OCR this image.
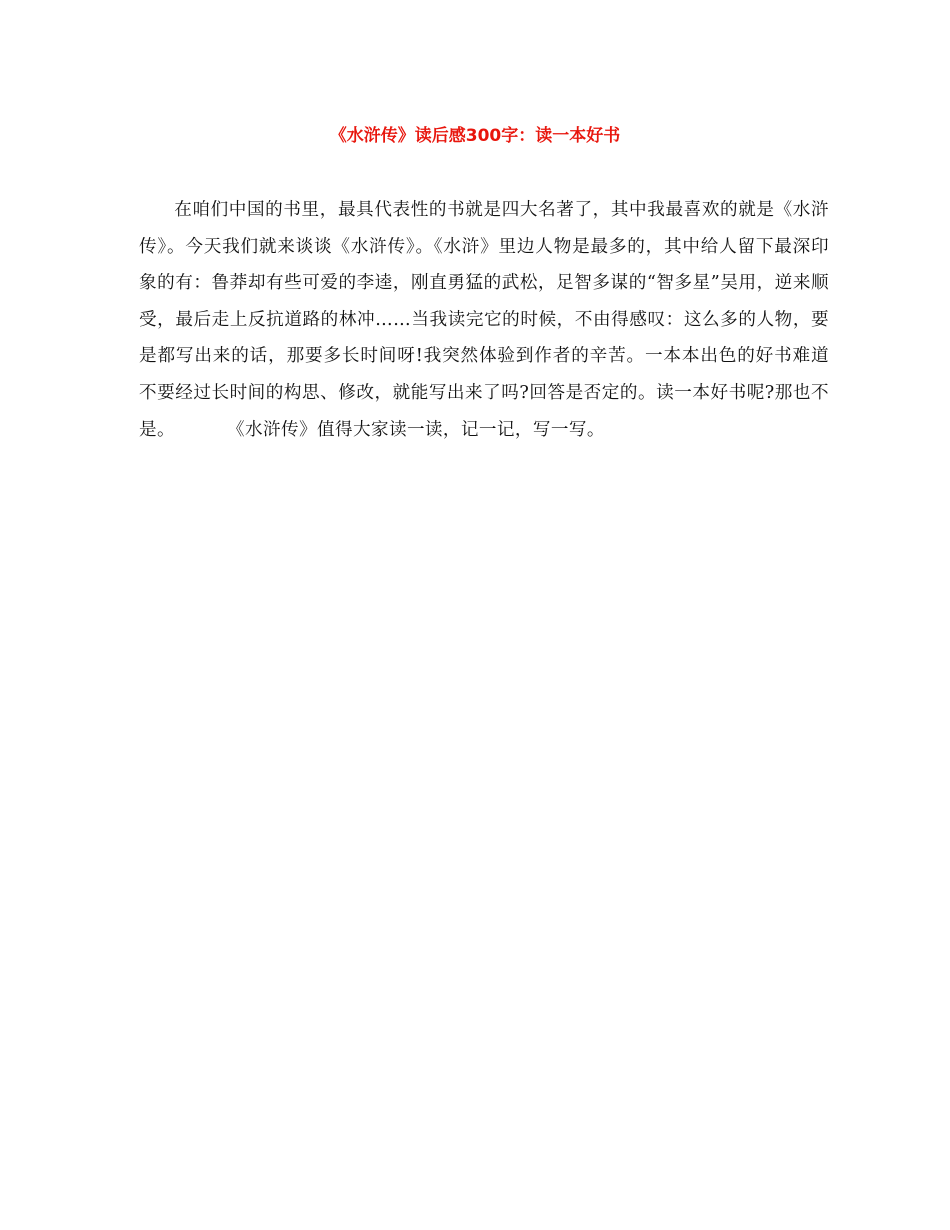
《水浒传》读后感300字：读一本好书

在咱们中国的书里，最具代表性的书就是四大名著了，其中我最喜欢的就是《水浒传》。今天我们就来谈谈《水浒传》。《水浒》里边人物是最多的，其中给人留下最深印象的有：鲁莽却有些可爱的李逵，刚直勇猛的武松，足智多谋的“智多星”吴用，逆来顺受，最后走上反抗道路的林冲……当我读完它的时候，不由得感叹：这么多的人物，要是都写出来的话，那要多长时间呀!我突然体验到作者的辛苦。一本本出色的好书难道不要经过长时间的构思、修改，就能写出来了吗?回答是否定的。读一本好书呢?那也不是。	《水浒传》值得大家读一读，记一记，写一写。
